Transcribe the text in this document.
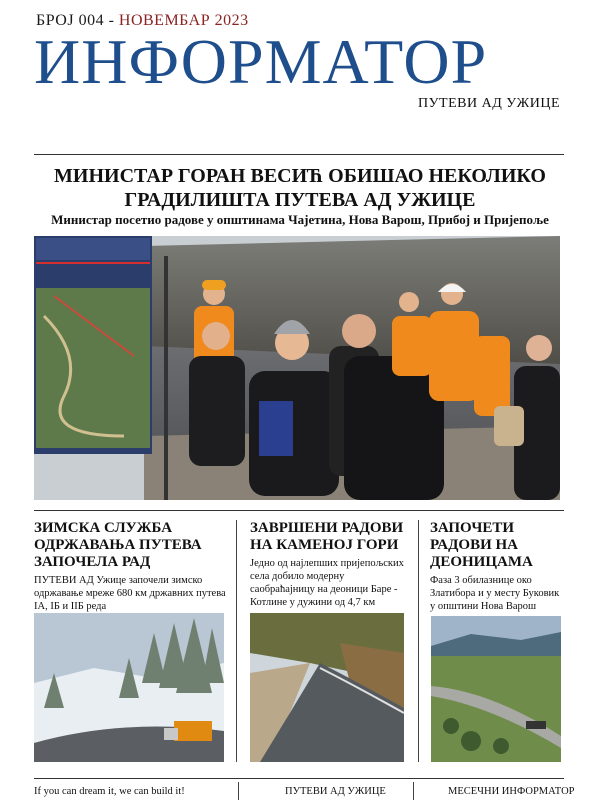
БРОЈ 004 - НОВЕМБАР 2023
ИНФОРМАТОР
ПУТЕВИ АД УЖИЦЕ
МИНИСТАР ГОРАН ВЕСИЋ ОБИШАО НЕКОЛИКО
ГРАДИЛИШТА ПУТЕВА АД УЖИЦЕ
Министар посетио радове у општинама Чајетина, Нова Варош, Прибој и Пријепоље
ЗИМСКА СЛУЖБА ОДРЖАВАЊА ПУТЕВА ЗАПОЧЕЛА РАД

ПУТЕВИ АД Ужице започели зимско одржавање мреже 680 км државних путева IА, IБ и IIБ реда

ЗАВРШЕНИ РАДОВИ НА КАМЕНОЈ ГОРИ

Једно од најлепших пријепољских села добило модерну саобраћајницу на деоници Баре - Котлине у дужини од 4,7 км

ЗАПОЧЕТИ РАДОВИ НА ДЕОНИЦАМА

Фаза 3 обилазнице око Златибора и у месту Буковик у општини Нова Варош

If you can dream it, we can build it!	ПУТЕВИ АД УЖИЦЕ	МЕСЕЧНИ ИНФОРМАТОР
